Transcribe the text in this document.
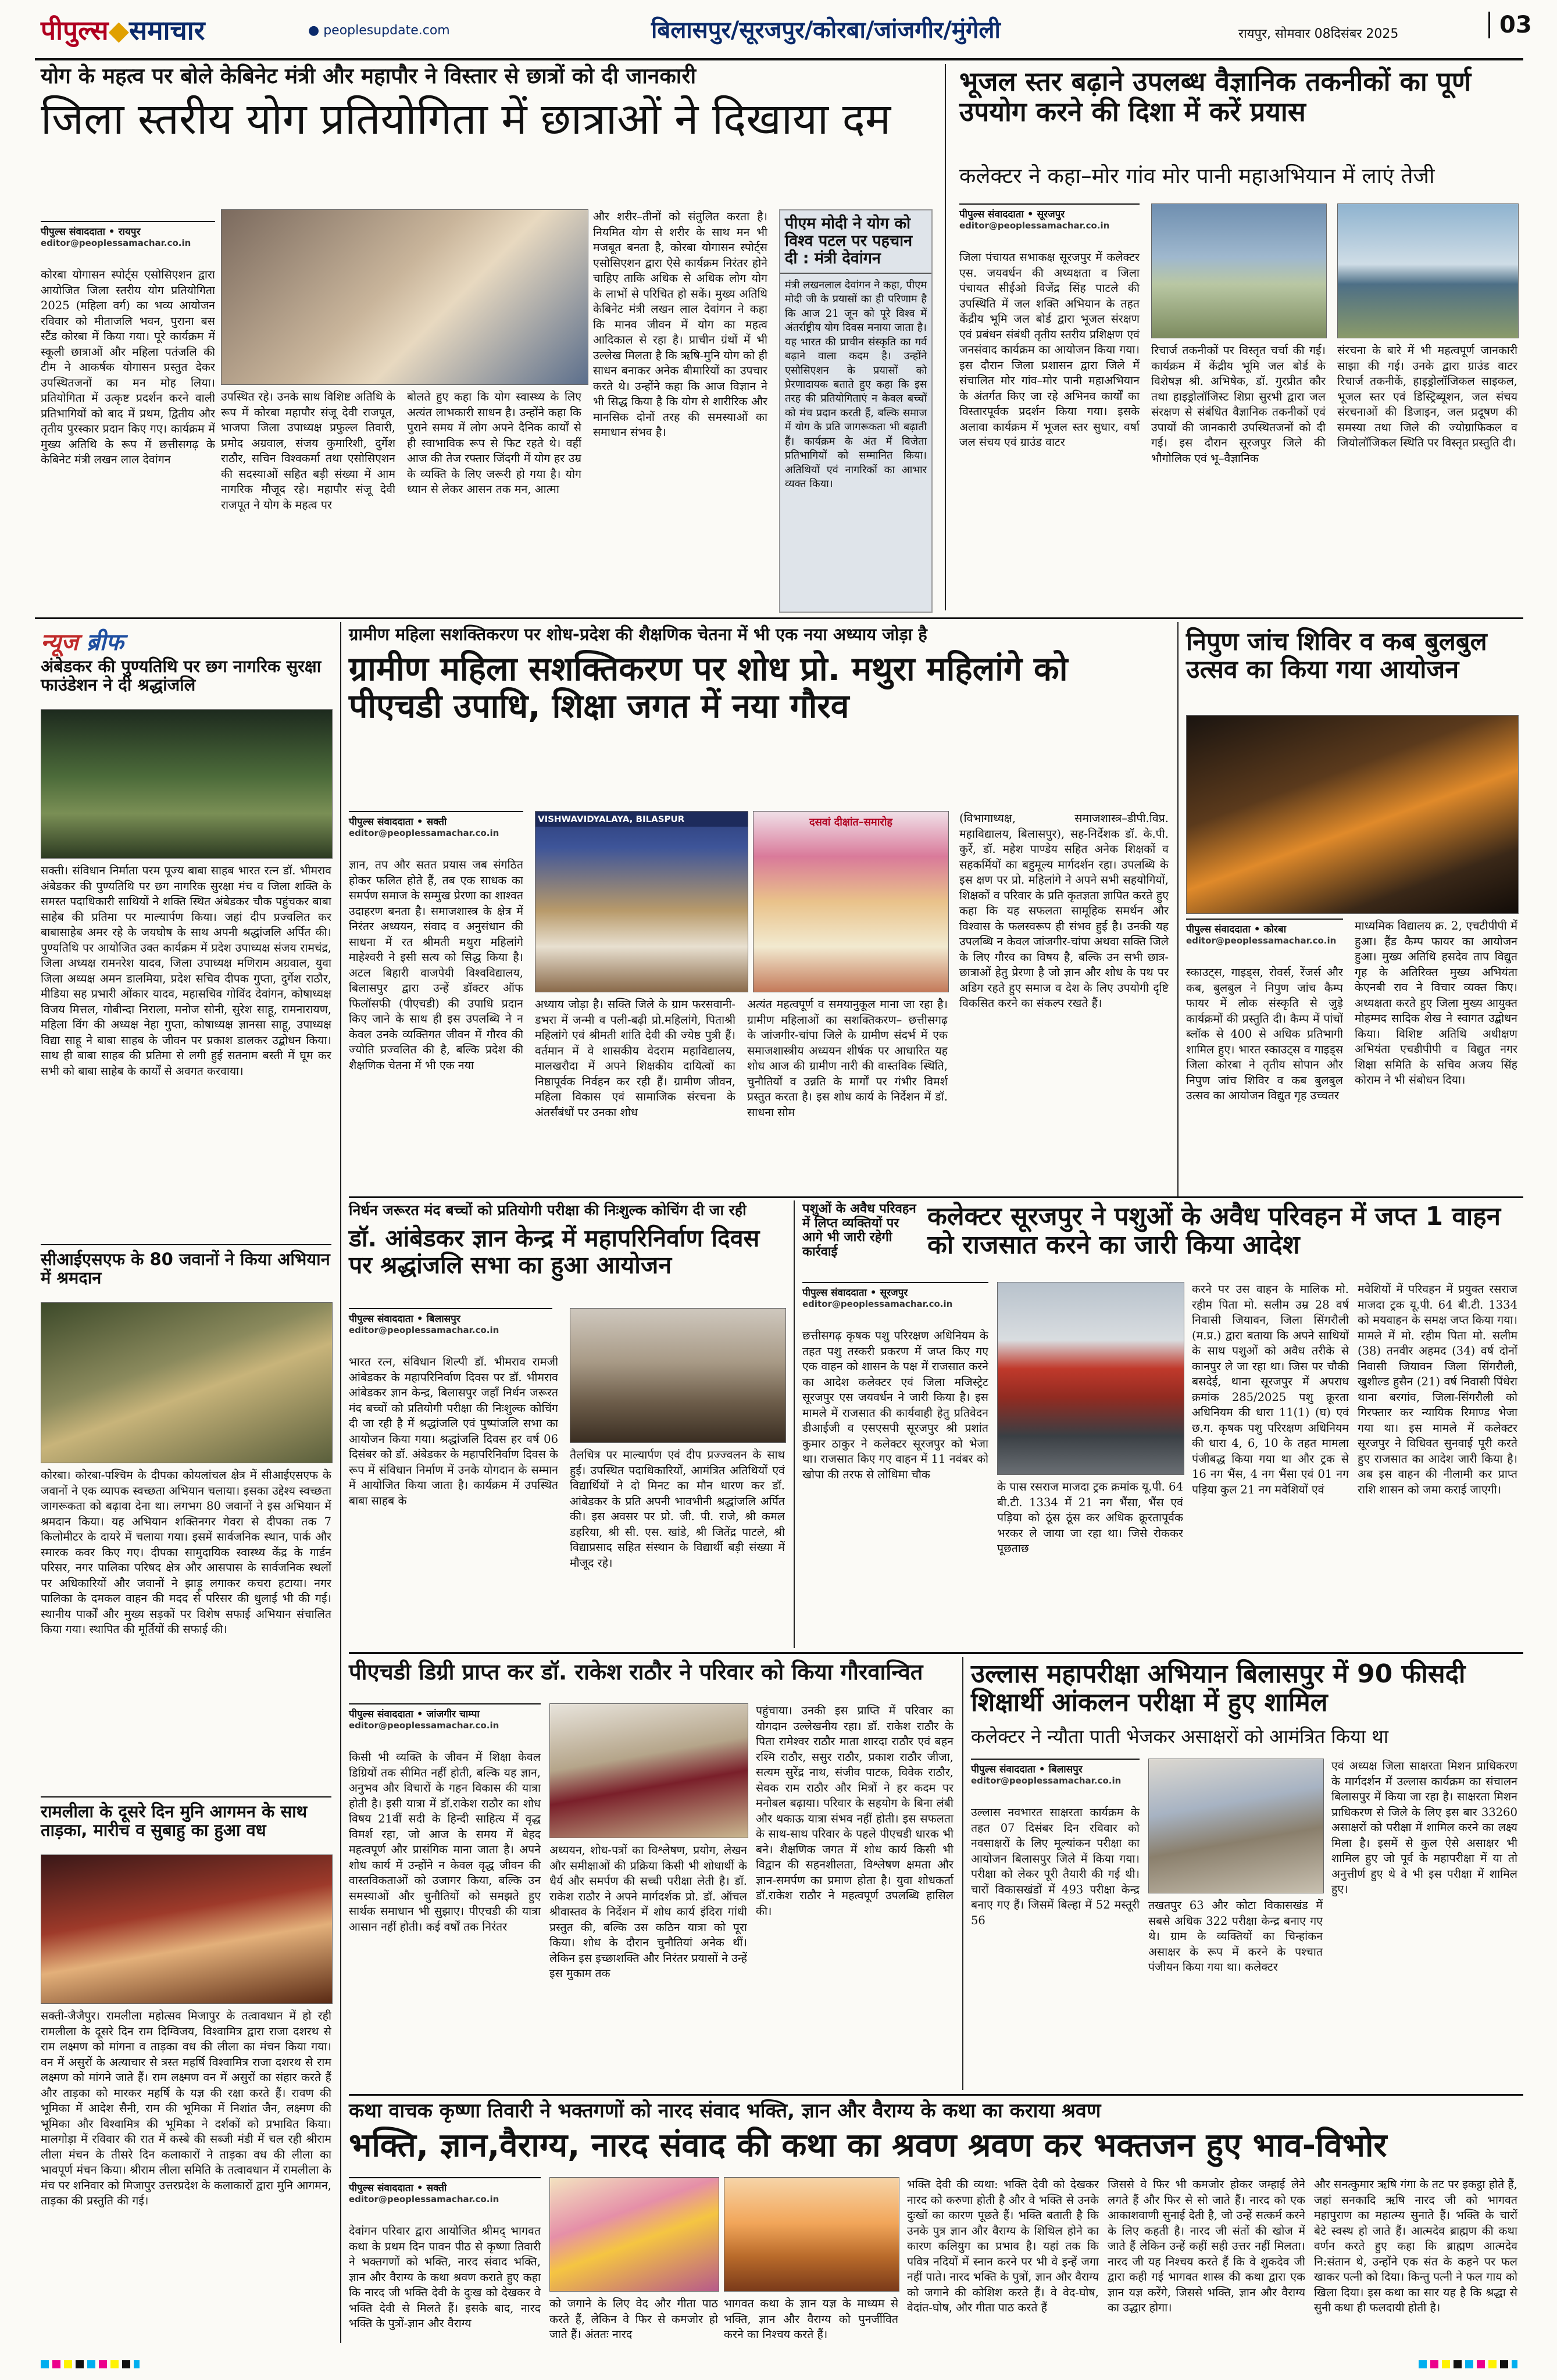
पीपुल्स◆समाचार	● peoplesupdate.com	बिलासपुर/सूरजपुर/कोरबा/जांजगीर/मुंगेली	रायपुर, सोमवार 08दिसंबर 2025	03
योग के महत्व पर बोले केबिनेट मंत्री और महापौर ने विस्तार से छात्रों को दी जानकारी
जिला स्तरीय योग प्रतियोगिता में छात्राओं ने दिखाया दम
पीपुल्स संवाददाता • रायपुर
editor@peoplessamachar.co.in
कोरबा योगासन स्पोर्ट्स एसोसिएशन द्वारा आयोजित जिला स्तरीय योग प्रतियोगिता 2025 (महिला वर्ग) का भव्य आयोजन रविवार को मीताजलि भवन, पुराना बस स्टैंड कोरबा में किया गया। पूरे कार्यक्रम में स्कूली छात्राओं और महिला पतंजलि की टीम ने आकर्षक योगासन प्रस्तुत देकर उपस्थितजनों का मन मोह लिया। प्रतियोगिता में उत्कृष्ट प्रदर्शन करने वाली प्रतिभागियों को बाद में प्रथम, द्वितीय और तृतीय पुरस्कार प्रदान किए गए। कार्यक्रम में मुख्य अतिथि के रूप में छत्तीसगढ़ के केबिनेट मंत्री लखन लाल देवांगन
उपस्थित रहे। उनके साथ विशिष्ट अतिथि के रूप में कोरबा महापौर संजू देवी राजपूत, भाजपा जिला उपाध्यक्ष प्रफुल्ल तिवारी, प्रमोद अग्रवाल, संजय कुमारिशी, दुर्गेश राठौर, सचिन विश्वकर्मा तथा एसोसिएशन की सदस्याओं सहित बड़ी संख्या में आम नागरिक मौजूद रहे। महापौर संजू देवी राजपूत ने योग के महत्व पर
बोलते हुए कहा कि योग स्वास्थ्य के लिए अत्यंत लाभकारी साधन है। उन्होंने कहा कि पुराने समय में लोग अपने दैनिक कार्यों से ही स्वाभाविक रूप से फिट रहते थे। वहीं आज की तेज रफ्तार जिंदगी में योग हर उम्र के व्यक्ति के लिए जरूरी हो गया है। योग ध्यान से लेकर आसन तक मन, आत्मा
और शरीर–तीनों को संतुलित करता है। नियमित योग से शरीर के साथ मन भी मजबूत बनता है, कोरबा योगासन स्पोर्ट्स एसोसिएशन द्वारा ऐसे कार्यक्रम निरंतर होने चाहिए ताकि अधिक से अधिक लोग योग के लाभों से परिचित हो सकें। मुख्य अतिथि केबिनेट मंत्री लखन लाल देवांगन ने कहा कि मानव जीवन में योग का महत्व आदिकाल से रहा है। प्राचीन ग्रंथों में भी उल्लेख मिलता है कि ऋषि-मुनि योग को ही साधन बनाकर अनेक बीमारियों का उपचार करते थे। उन्होंने कहा कि आज विज्ञान ने भी सिद्ध किया है कि योग से शारीरिक और मानसिक दोनों तरह की समस्याओं का समाधान संभव है।
पीएम मोदी ने योग को विश्व पटल पर पहचान दी : मंत्री देवांगन
मंत्री लखनलाल देवांगन ने कहा, पीएम मोदी जी के प्रयासों का ही परिणाम है कि आज 21 जून को पूरे विश्व में अंतर्राष्ट्रीय योग दिवस मनाया जाता है। यह भारत की प्राचीन संस्कृति का गर्व बढ़ाने वाला कदम है। उन्होंने एसोसिएशन के प्रयासों को प्रेरणादायक बताते हुए कहा कि इस तरह की प्रतियोगिताएं न केवल बच्चों को मंच प्रदान करती हैं, बल्कि समाज में योग के प्रति जागरूकता भी बढ़ाती हैं। कार्यक्रम के अंत में विजेता प्रतिभागियों को सम्मानित किया। अतिथियों एवं नागरिकों का आभार व्यक्त किया।
भूजल स्तर बढ़ाने उपलब्ध वैज्ञानिक तकनीकों का पूर्ण उपयोग करने की दिशा में करें प्रयास
कलेक्टर ने कहा–मोर गांव मोर पानी महाअभियान में लाएं तेजी
पीपुल्स संवाददाता • सूरजपुर
editor@peoplessamachar.co.in
जिला पंचायत सभाकक्ष सूरजपुर में कलेक्टर एस. जयवर्धन की अध्यक्षता व जिला पंचायत सीईओ विजेंद्र सिंह पाटले की उपस्थिति में जल शक्ति अभियान के तहत केंद्रीय भूमि जल बोर्ड द्वारा भूजल संरक्षण एवं प्रबंधन संबंधी तृतीय स्तरीय प्रशिक्षण एवं जनसंवाद कार्यक्रम का आयोजन किया गया। इस दौरान जिला प्रशासन द्वारा जिले में संचालित मोर गांव–मोर पानी महाअभियान के अंतर्गत किए जा रहे अभिनव कार्यों का विस्तारपूर्वक प्रदर्शन किया गया। इसके अलावा कार्यक्रम में भूजल स्तर सुधार, वर्षा जल संचय एवं ग्राउंड वाटर
रिचार्ज तकनीकों पर विस्तृत चर्चा की गई। कार्यक्रम में केंद्रीय भूमि जल बोर्ड के विशेषज्ञ श्री. अभिषेक, डॉ. गुरप्रीत कौर तथा हाइड्रोलॉजिस्ट शिप्रा सुरभी द्वारा जल संरक्षण से संबंधित वैज्ञानिक तकनीकों एवं उपायों की जानकारी उपस्थितजनों को दी गई। इस दौरान सूरजपुर जिले की भौगोलिक एवं भू–वैज्ञानिक
संरचना के बारे में भी महत्वपूर्ण जानकारी साझा की गई। उनके द्वारा ग्राउंड वाटर रिचार्ज तकनीकें, हाइड्रोलॉजिकल साइकल, भूजल स्तर एवं डिस्ट्रिब्यूशन, जल संचय संरचनाओं की डिजाइन, जल प्रदूषण की समस्या तथा जिले की ज्योग्राफिकल व जियोलॉजिकल स्थिति पर विस्तृत प्रस्तुति दी।
न्यूज ब्रीफ
अंबेडकर की पुण्यतिथि पर छग नागरिक सुरक्षा फाउंडेशन ने दी श्रद्धांजलि
सक्ती। संविधान निर्माता परम पूज्य बाबा साहब भारत रत्न डॉ. भीमराव अंबेडकर की पुण्यतिथि पर छग नागरिक सुरक्षा मंच व जिला शक्ति के समस्त पदाधिकारी साथियों ने शक्ति स्थित अंबेडकर चौक पहुंचकर बाबा साहेब की प्रतिमा पर माल्यार्पण किया। जहां दीप प्रज्वलित कर बाबासाहेब अमर रहे के जयघोष के साथ अपनी श्रद्धांजलि अर्पित की। पुण्यतिथि पर आयोजित उक्त कार्यक्रम में प्रदेश उपाध्यक्ष संजय रामचंद्र, जिला अध्यक्ष रामनरेश यादव, जिला उपाध्यक्ष मणिराम अग्रवाल, युवा जिला अध्यक्ष अमन डालमिया, प्रदेश सचिव दीपक गुप्ता, दुर्गेश राठौर, मीडिया सह प्रभारी ओंकार यादव, महासचिव गोविंद देवांगन, कोषाध्यक्ष विजय मित्तल, गोबीन्दा निराला, मनोज सोनी, सुरेश साहू, रामनारायण, महिला विंग की अध्यक्ष नेहा गुप्ता, कोषाध्यक्ष ज्ञानसा साहू, उपाध्यक्ष विद्या साहू ने बाबा साहब के जीवन पर प्रकाश डालकर उद्बोधन किया। साथ ही बाबा साहब की प्रतिमा से लगी हुई सतनाम बस्ती में घूम कर सभी को बाबा साहेब के कार्यों से अवगत करवाया।
सीआईएसएफ के 80 जवानों ने किया अभियान में श्रमदान
कोरबा। कोरबा-पश्चिम के दीपका कोयलांचल क्षेत्र में सीआईएसएफ के जवानों ने एक व्यापक स्वच्छता अभियान चलाया। इसका उद्देश्य स्वच्छता जागरूकता को बढ़ावा देना था। लगभग 80 जवानों ने इस अभियान में श्रमदान किया। यह अभियान शक्तिनगर गेवरा से दीपका तक 7 किलोमीटर के दायरे में चलाया गया। इसमें सार्वजनिक स्थान, पार्क और स्मारक कवर किए गए। दीपका सामुदायिक स्वास्थ्य केंद्र के गार्डन परिसर, नगर पालिका परिषद क्षेत्र और आसपास के सार्वजनिक स्थलों पर अधिकारियों और जवानों ने झाड़ू लगाकर कचरा हटाया। नगर पालिका के दमकल वाहन की मदद से परिसर की धुलाई भी की गई। स्थानीय पार्कों और मुख्य सड़कों पर विशेष सफाई अभियान संचालित किया गया। स्थापित की मूर्तियों की सफाई की।
रामलीला के दूसरे दिन मुनि आगमन के साथ ताड़का, मारीच व सुबाहु का हुआ वध
सक्ती-जैजैपुर। रामलीला महोत्सव मिजापुर के तत्वावधान में हो रही रामलीला के दूसरे दिन राम दिग्विजय, विश्वामित्र द्वारा राजा दशरथ से राम लक्ष्मण को मांगना व ताड़का वध की लीला का मंचन किया गया। वन में असुरों के अत्याचार से त्रस्त महर्षि विश्वामित्र राजा दशरथ से राम लक्ष्मण को मांगने जाते हैं। राम लक्ष्मण वन में असुरों का संहार करते हैं और ताड़का को मारकर महर्षि के यज्ञ की रक्षा करते हैं। रावण की भूमिका में आदेश सैनी, राम की भूमिका में निशांत जैन, लक्ष्मण की भूमिका और विश्वामित्र की भूमिका ने दर्शकों को प्रभावित किया। मालगोड़ा में रविवार की रात में कस्बे की सब्जी मंडी में चल रही श्रीराम लीला मंचन के तीसरे दिन कलाकारों ने ताड़का वध की लीला का भावपूर्ण मंचन किया। श्रीराम लीला समिति के तत्वावधान में रामलीला के मंच पर शनिवार को मिजापुर उत्तरप्रदेश के कलाकारों द्वारा मुनि आगमन, ताड़का की प्रस्तुति की गई।
ग्रामीण महिला सशक्तिकरण पर शोध-प्रदेश की शैक्षणिक चेतना में भी एक नया अध्याय जोड़ा है
ग्रामीण महिला सशक्तिकरण पर शोध प्रो. मथुरा महिलांगे को पीएचडी उपाधि, शिक्षा जगत में नया गौरव
पीपुल्स संवाददाता • सक्ती
editor@peoplessamachar.co.in
ज्ञान, तप और सतत प्रयास जब संगठित होकर फलित होते हैं, तब एक साधक का समर्पण समाज के सम्मुख प्रेरणा का शाश्वत उदाहरण बनता है। समाजशास्त्र के क्षेत्र में निरंतर अध्ययन, संवाद व अनुसंधान की साधना में रत श्रीमती मथुरा महिलांगे माहेश्वरी ने इसी सत्य को सिद्ध किया है। अटल बिहारी वाजपेयी विश्वविद्यालय, बिलासपुर द्वारा उन्हें डॉक्टर ऑफ फिलॉसफी (पीएचडी) की उपाधि प्रदान किए जाने के साथ ही इस उपलब्धि ने न केवल उनके व्यक्तिगत जीवन में गौरव की ज्योति प्रज्वलित की है, बल्कि प्रदेश की शैक्षणिक चेतना में भी एक नया
VISHWAVIDYALAYA, BILASPUR	दसवां दीक्षांत–समारोह
अध्याय जोड़ा है। सक्ति जिले के ग्राम फरसवानी-डभरा में जन्मी व पली-बढ़ी प्रो.महिलांगे, पिताश्री महिलांगे एवं श्रीमती शांति देवी की ज्येष्ठ पुत्री हैं। वर्तमान में वे शासकीय वेदराम महाविद्यालय, मालखरौदा में अपने शिक्षकीय दायित्वों का निष्ठापूर्वक निर्वहन कर रही हैं। ग्रामीण जीवन, महिला विकास एवं सामाजिक संरचना के अंतर्संबंधों पर उनका शोध
अत्यंत महत्वपूर्ण व समयानुकूल माना जा रहा है। ग्रामीण महिलाओं का सशक्तिकरण– छत्तीसगढ़ के जांजगीर-चांपा जिले के ग्रामीण संदर्भ में एक समाजशास्त्रीय अध्ययन शीर्षक पर आधारित यह शोध आज की ग्रामीण नारी की वास्तविक स्थिति, चुनौतियों व उन्नति के मार्गों पर गंभीर विमर्श प्रस्तुत करता है। इस शोध कार्य के निर्देशन में डॉ. साधना सोम
(विभागाध्यक्ष, समाजशास्त्र–डीपी.विप्र. महाविद्यालय, बिलासपुर), सह-निर्देशक डॉ. के.पी. कुर्रे, डॉ. महेश पाण्डेय सहित अनेक शिक्षकों व सहकर्मियों का बहुमूल्य मार्गदर्शन रहा। उपलब्धि के इस क्षण पर प्रो. महिलांगे ने अपने सभी सहयोगियों, शिक्षकों व परिवार के प्रति कृतज्ञता ज्ञापित करते हुए कहा कि यह सफलता सामूहिक समर्थन और विश्वास के फलस्वरूप ही संभव हुई है। उनकी यह उपलब्धि न केवल जांजगीर-चांपा अथवा सक्ति जिले के लिए गौरव का विषय है, बल्कि उन सभी छात्र-छात्राओं हेतु प्रेरणा है जो ज्ञान और शोध के पथ पर अडिग रहते हुए समाज व देश के लिए उपयोगी दृष्टि विकसित करने का संकल्प रखते हैं।
निपुण जांच शिविर व कब बुलबुल उत्सव का किया गया आयोजन
पीपुल्स संवाददाता • कोरबा
editor@peoplessamachar.co.in
स्काउट्स, गाइड्स, रोवर्स, रेंजर्स और कब, बुलबुल ने निपुण जांच कैम्प फायर में लोक संस्कृति से जुड़े कार्यक्रमों की प्रस्तुति दी। कैम्प में पांचों ब्लॉक से 400 से अधिक प्रतिभागी शामिल हुए। भारत स्काउट्स व गाइड्स जिला कोरबा ने तृतीय सोपान और निपुण जांच शिविर व कब बुलबुल उत्सव का आयोजन विद्युत गृह उच्चतर
माध्यमिक विद्यालय क्र. 2, एचटीपीपी में हुआ। हैंड कैम्प फायर का आयोजन हुआ। मुख्य अतिथि हसदेव ताप विद्युत गृह के अतिरिक्त मुख्य अभियंता केएनबी राव ने विचार व्यक्त किए। अध्यक्षता करते हुए जिला मुख्य आयुक्त मोहम्मद सादिक शेख ने स्वागत उद्बोधन किया। विशिष्ट अतिथि अधीक्षण अभियंता एचडीपीपी व विद्युत नगर शिक्षा समिति के सचिव अजय सिंह कोराम ने भी संबोधन दिया।
निर्धन जरूरत मंद बच्चों को प्रतियोगी परीक्षा की निःशुल्क कोचिंग दी जा रही
डॉ. आंबेडकर ज्ञान केन्द्र में महापरिनिर्वाण दिवस पर श्रद्धांजलि सभा का हुआ आयोजन
पीपुल्स संवाददाता • बिलासपुर
editor@peoplessamachar.co.in
भारत रत्न, संविधान शिल्पी डॉ. भीमराव रामजी आंबेडकर के महापरिनिर्वाण दिवस पर डॉ. भीमराव आंबेडकर ज्ञान केन्द्र, बिलासपुर जहाँ निर्धन जरूरत मंद बच्चों को प्रतियोगी परीक्षा की निःशुल्क कोचिंग दी जा रही है में श्रद्धांजलि एवं पुष्पांजलि सभा का आयोजन किया गया। श्रद्धांजलि दिवस हर वर्ष 06 दिसंबर को डॉ. अंबेडकर के महापरिनिर्वाण दिवस के रूप में संविधान निर्माण में उनके योगदान के सम्मान में आयोजित किया जाता है। कार्यक्रम में उपस्थित बाबा साहब के
तैलचित्र पर माल्यार्पण एवं दीप प्रज्ज्वलन के साथ हुई। उपस्थित पदाधिकारियों, आमंत्रित अतिथियों एवं विद्यार्थियों ने दो मिनट का मौन धारण कर डॉ. आंबेडकर के प्रति अपनी भावभीनी श्रद्धांजलि अर्पित की। इस अवसर पर प्रो. जी. पी. राजे, श्री कमल डहरिया, श्री सी. एस. खांडे, श्री जितेंद्र पाटले, श्री विद्याप्रसाद सहित संस्थान के विद्यार्थी बड़ी संख्या में मौजूद रहे।
पशुओं के अवैध परिवहन में लिप्त व्यक्तियों पर आगे भी जारी रहेगी कार्रवाई
कलेक्टर सूरजपुर ने पशुओं के अवैध परिवहन में जप्त 1 वाहन को राजसात करने का जारी किया आदेश
पीपुल्स संवाददाता • सूरजपुर
editor@peoplessamachar.co.in
छत्तीसगढ़ कृषक पशु परिरक्षण अधिनियम के तहत पशु तस्करी प्रकरण में जप्त किए गए एक वाहन को शासन के पक्ष में राजसात करने का आदेश कलेक्टर एवं जिला मजिस्ट्रेट सूरजपुर एस जयवर्धन ने जारी किया है। इस मामले में राजसात की कार्यवाही हेतु प्रतिवेदन डीआईजी व एसएसपी सूरजपुर श्री प्रशांत कुमार ठाकुर ने कलेक्टर सूरजपुर को भेजा था। राजसात किए गए वाहन में 11 नवंबर को खोपा की तरफ से लोधिमा चौक
के पास रसराज माजदा ट्रक क्रमांक यू.पी. 64 बी.टी. 1334 में 21 नग भैंसा, भैंस एवं पड़िया को ठूंस ठूंस कर अधिक क्रूरतापूर्वक भरकर ले जाया जा रहा था। जिसे रोककर पूछताछ
करने पर उस वाहन के मालिक मो. रहीम पिता मो. सलीम उम्र 28 वर्ष निवासी जियावन, जिला सिंगरौली (म.प्र.) द्वारा बताया कि अपने साथियों के साथ पशुओं को अवैध तरीके से कानपुर ले जा रहा था। जिस पर चौकी बसदेई, थाना सूरजपुर में अपराध क्रमांक 285/2025 पशु क्रूरता अधिनियम की धारा 11(1) (घ) एवं छ.ग. कृषक पशु परिरक्षण अधिनियम की धारा 4, 6, 10 के तहत मामला पंजीबद्ध किया गया था और ट्रक से 16 नग भैंस, 4 नग भैंसा एवं 01 नग पड़िया कुल 21 नग मवेशियों एवं
मवेशियों में परिवहन में प्रयुक्त रसराज माजदा ट्रक यू.पी. 64 बी.टी. 1334 को मयवाहन के समक्ष जप्त किया गया। मामले में मो. रहीम पिता मो. सलीम (38) तनवीर अहमद (34) वर्ष दोनों निवासी जियावन जिला सिंगरौली, खुशील्ड हुसैन (21) वर्ष निवासी पिंधेरा थाना बरगांव, जिला-सिंगरौली को गिरफ्तार कर न्यायिक रिमाण्ड भेजा गया था। इस मामले में कलेक्टर सूरजपुर ने विधिवत सुनवाई पूरी करते हुए राजसात का आदेश जारी किया है। अब इस वाहन की नीलामी कर प्राप्त राशि शासन को जमा कराई जाएगी।
पीएचडी डिग्री प्राप्त कर डॉ. राकेश राठौर ने परिवार को किया गौरवान्वित
पीपुल्स संवाददाता • जांजगीर चाम्पा
editor@peoplessamachar.co.in
किसी भी व्यक्ति के जीवन में शिक्षा केवल डिग्रियों तक सीमित नहीं होती, बल्कि यह ज्ञान, अनुभव और विचारों के गहन विकास की यात्रा होती है। इसी यात्रा में डॉ.राकेश राठौर का शोध विषय 21वीं सदी के हिन्दी साहित्य में वृद्ध विमर्श रहा, जो आज के समय में बेहद महत्वपूर्ण और प्रासंगिक माना जाता है। अपने शोध कार्य में उन्होंने न केवल वृद्ध जीवन की वास्तविकताओं को उजागर किया, बल्कि उन समस्याओं और चुनौतियों को समझते हुए सार्थक समाधान भी सुझाए। पीएचडी की यात्रा आसान नहीं होती। कई वर्षों तक निरंतर
अध्ययन, शोध-पत्रों का विश्लेषण, प्रयोग, लेखन और समीक्षाओं की प्रक्रिया किसी भी शोधार्थी के धैर्य और समर्पण की सच्ची परीक्षा लेती है। डॉ. राकेश राठौर ने अपने मार्गदर्शक प्रो. डॉ. ऑचल श्रीवास्तव के निर्देशन में शोध कार्य इंदिरा गांधी प्रस्तुत की, बल्कि उस कठिन यात्रा को पूरा किया। शोध के दौरान चुनौतियां अनेक थीं। लेकिन इस इच्छाशक्ति और निरंतर प्रयासों ने उन्हें इस मुकाम तक
पहुंचाया। उनकी इस प्राप्ति में परिवार का योगदान उल्लेखनीय रहा। डॉ. राकेश राठौर के पिता रामेश्वर राठौर माता शारदा राठौर एवं बहन रश्मि राठौर, ससुर राठौर, प्रकाश राठौर जीजा, सत्यम सुरेंद्र नाथ, संजीव पाटक, विवेक राठौर, सेवक राम राठौर और मित्रों ने हर कदम पर मनोबल बढ़ाया। परिवार के सहयोग के बिना लंबी और थकाऊ यात्रा संभव नहीं होती। इस सफलता के साथ-साथ परिवार के पहले पीएचडी धारक भी बने। शैक्षणिक जगत में शोध कार्य किसी भी विद्वान की सहनशीलता, विश्लेषण क्षमता और ज्ञान-समर्पण का प्रमाण होता है। युवा शोधकर्ता डॉ.राकेश राठौर ने महत्वपूर्ण उपलब्धि हासिल की।
उल्लास महापरीक्षा अभियान बिलासपुर में 90 फीसदी शिक्षार्थी आंकलन परीक्षा में हुए शामिल
कलेक्टर ने न्यौता पाती भेजकर असाक्षरों को आमंत्रित किया था
पीपुल्स संवाददाता • बिलासपुर
editor@peoplessamachar.co.in
उल्लास नवभारत साक्षरता कार्यक्रम के तहत 07 दिसंबर दिन रविवार को नवसाक्षरों के लिए मूल्यांकन परीक्षा का आयोजन बिलासपुर जिले में किया गया। परीक्षा को लेकर पूरी तैयारी की गई थी। चारों विकासखंडों में 493 परीक्षा केन्द्र बनाए गए हैं। जिसमें बिल्हा में 52 मस्तूरी 56
तखतपुर 63 और कोटा विकासखंड में सबसे अधिक 322 परीक्षा केन्द्र बनाए गए थे। ग्राम के व्यक्तियों का चिन्हांकन असाक्षर के रूप में करने के पश्चात पंजीयन किया गया था। कलेक्टर
एवं अध्यक्ष जिला साक्षरता मिशन प्राधिकरण के मार्गदर्शन में उल्लास कार्यक्रम का संचालन बिलासपुर में किया जा रहा है। साक्षरता मिशन प्राधिकरण से जिले के लिए इस बार 33260 असाक्षरों को परीक्षा में शामिल करने का लक्ष्य मिला है। इसमें से कुल ऐसे असाक्षर भी शामिल हुए जो पूर्व के महापरीक्षा में या तो अनुत्तीर्ण हुए थे वे भी इस परीक्षा में शामिल हुए।
कथा वाचक कृष्णा तिवारी ने भक्तगणों को नारद संवाद भक्ति, ज्ञान और वैराग्य के कथा का कराया श्रवण
भक्ति, ज्ञान,वैराग्य, नारद संवाद की कथा का श्रवण श्रवण कर भक्तजन हुए भाव-विभोर
पीपुल्स संवाददाता • सक्ती
editor@peoplessamachar.co.in
देवांगन परिवार द्वारा आयोजित श्रीमद् भागवत कथा के प्रथम दिन पावन पीठ से कृष्णा तिवारी ने भक्तगणों को भक्ति, नारद संवाद भक्ति, ज्ञान और वैराग्य के कथा श्रवण कराते हुए कहा कि नारद जी भक्ति देवी के दुःख को देखकर वे भक्ति देवी से मिलते हैं। इसके बाद, नारद भक्ति के पुत्रों-ज्ञान और वैराग्य
को जगाने के लिए वेद और गीता पाठ करते हैं, लेकिन वे फिर से कमजोर हो जाते हैं। अंततः नारद
भागवत कथा के ज्ञान यज्ञ के माध्यम से भक्ति, ज्ञान और वैराग्य को पुनर्जीवित करने का निश्चय करते हैं।
भक्ति देवी की व्यथा: भक्ति देवी को देखकर नारद को करुणा होती है और वे भक्ति से उनके दुःखों का कारण पूछते हैं। भक्ति बताती है कि उनके पुत्र ज्ञान और वैराग्य के शिथिल होने का कारण कलियुग का प्रभाव है। यहां तक कि पवित्र नदियों में स्नान करने पर भी वे इन्हें जगा नहीं पाते। नारद भक्ति के पुत्रों, ज्ञान और वैराग्य को जगाने की कोशिश करते हैं। वे वेद-घोष, वेदांत-घोष, और गीता पाठ करते हैं
जिससे वे फिर भी कमजोर होकर जम्हाई लेने लगते हैं और फिर से सो जाते हैं। नारद को एक आकाशवाणी सुनाई देती है, जो उन्हें सत्कर्म करने के लिए कहती है। नारद जी संतों की खोज में जाते हैं लेकिन उन्हें कहीं सही उत्तर नहीं मिलता। नारद जी यह निश्चय करते हैं कि वे शुकदेव जी द्वारा कही गई भागवत शास्त्र की कथा द्वारा एक ज्ञान यज्ञ करेंगे, जिससे भक्ति, ज्ञान और वैराग्य का उद्धार होगा।
और सनत्कुमार ऋषि गंगा के तट पर इकट्ठा होते हैं, जहां सनकादि ऋषि नारद जी को भागवत महापुराण का महात्म्य सुनाते हैं। भक्ति के चारों बेटे स्वस्थ हो जाते हैं। आत्मदेव ब्राह्मण की कथा वर्णन करते हुए कहा कि ब्राह्मण आत्मदेव नि:संतान थे, उन्होंने एक संत के कहने पर फल खाकर पत्नी को दिया। किन्तु पत्नी ने फल गाय को खिला दिया। इस कथा का सार यह है कि श्रद्धा से सुनी कथा ही फलदायी होती है।
